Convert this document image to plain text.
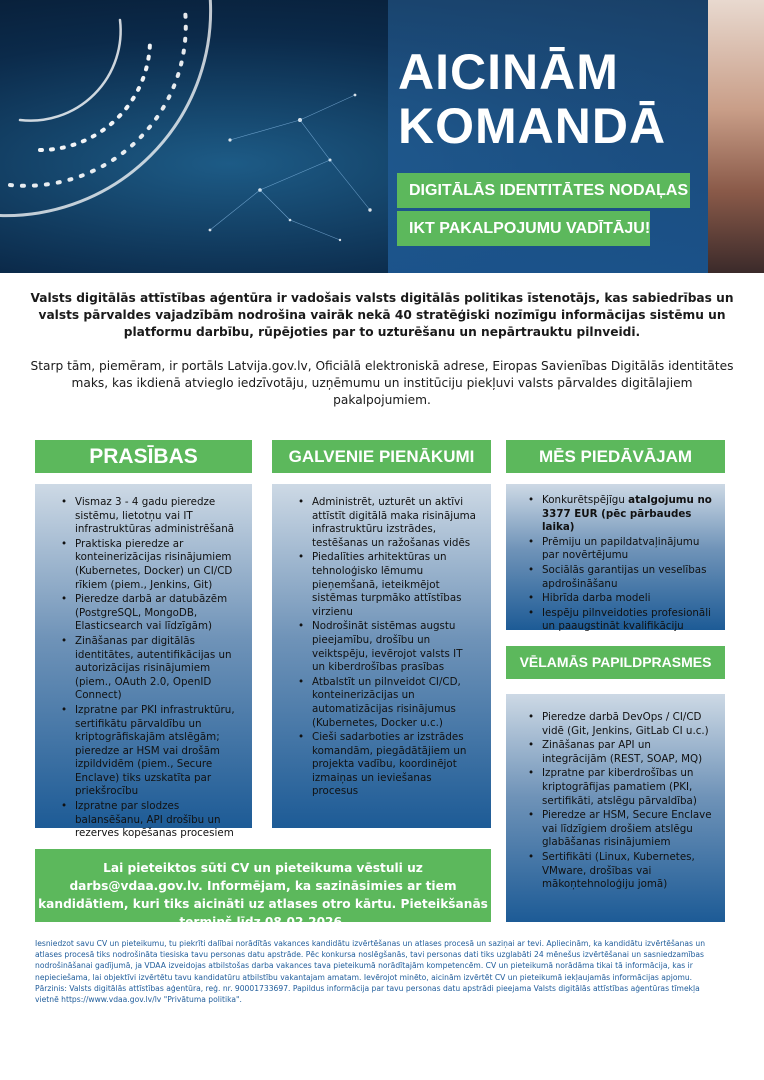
AICINĀM
KOMANDĀ
DIGITĀLĀS IDENTITĀTES NODAĻAS
IKT PAKALPOJUMU VADĪTĀJU!

Valsts digitālās attīstības aģentūra ir vadošais valsts digitālās politikas īstenotājs, kas sabiedrības un valsts pārvaldes vajadzībām nodrošina vairāk nekā 40 stratēģiski nozīmīgu informācijas sistēmu un platformu darbību, rūpējoties par to uzturēšanu un nepārtrauktu pilnveidi.

Starp tām, piemēram, ir portāls Latvija.gov.lv, Oficiālā elektroniskā adrese, Eiropas Savienības Digitālās identitātes maks, kas ikdienā atvieglo iedzīvotāju, uzņēmumu un institūciju piekļuvi valsts pārvaldes digitālajiem pakalpojumiem.

PRASĪBAS
• Vismaz 3 - 4 gadu pieredze sistēmu, lietotņu vai IT infrastruktūras administrēšanā
• Praktiska pieredze ar konteinerizācijas risinājumiem (Kubernetes, Docker) un CI/CD rīkiem (piem., Jenkins, Git)
• Pieredze darbā ar datubāzēm (PostgreSQL, MongoDB, Elasticsearch vai līdzīgām)
• Zināšanas par digitālās identitātes, autentifikācijas un autorizācijas risinājumiem (piem., OAuth 2.0, OpenID Connect)
• Izpratne par PKI infrastruktūru, sertifikātu pārvaldību un kriptogrāfiskajām atslēgām; pieredze ar HSM vai drošām izpildvidēm (piem., Secure Enclave) tiks uzskatīta par priekšrocību
• Izpratne par slodzes balansēšanu, API drošību un rezerves kopēšanas procesiem
GALVENIE PIENĀKUMI
• Administrēt, uzturēt un aktīvi attīstīt digitālā maka risinājuma infrastruktūru izstrādes, testēšanas un ražošanas vidēs
• Piedalīties arhitektūras un tehnoloģisko lēmumu pieņemšanā, ieteikmējot sistēmas turpmāko attīstības virzienu
• Nodrošināt sistēmas augstu pieejamību, drošību un veiktspēju, ievērojot valsts IT un kiberdrošības prasības
• Atbalstīt un pilnveidot CI/CD, konteinerizācijas un automatizācijas risinājumus (Kubernetes, Docker u.c.)
• Cieši sadarboties ar izstrādes komandām, piegādātājiem un projekta vadību, koordinējot izmaiņas un ieviešanas procesus
MĒS PIEDĀVĀJAM
• Konkurētspējīgu atalgojumu no 3377 EUR (pēc pārbaudes laika)
• Prēmiju un papildatvaļinājumu par novērtējumu
• Sociālās garantijas un veselības apdrošināšanu
• Hibrīda darba modeli
• Iespēju pilnveidoties profesionāli un paaugstināt kvalifikāciju
VĒLAMĀS PAPILDPRASMES
• Pieredze darbā DevOps / CI/CD vidē (Git, Jenkins, GitLab CI u.c.)
• Zināšanas par API un integrācijām (REST, SOAP, MQ)
• Izpratne par kiberdrošības un kriptogrāfijas pamatiem (PKI, sertifikāti, atslēgu pārvaldība)
• Pieredze ar HSM, Secure Enclave vai līdzīgiem drošiem atslēgu glabāšanas risinājumiem
• Sertifikāti (Linux, Kubernetes, VMware, drošības vai mākoņtehnoloģiju jomā)

Lai pieteiktos sūti CV un pieteikuma vēstuli uz darbs@vdaa.gov.lv. Informējam, ka sazināsimies ar tiem kandidātiem, kuri tiks aicināti uz atlases otro kārtu. Pieteikšanās termiņš līdz 08.02.2026.

Iesniedzot savu CV un pieteikumu, tu piekrīti dalībai norādītās vakances kandidātu izvērtēšanas un atlases procesā un saziņai ar tevi. Apliecinām, ka kandidātu izvērtēšanas un atlases procesā tiks nodrošināta tiesiska tavu personas datu apstrāde. Pēc konkursa noslēgšanās, tavi personas dati tiks uzglabāti 24 mēnešus izvērtēšanai un sasniedzamības nodrošināšanai gadījumā, ja VDAA izveidojas atbilstošas darba vakances tava pieteikumā norādītajām kompetencēm. CV un pieteikumā norādāma tikai tā informācija, kas ir nepieciešama, lai objektīvi izvērtētu tavu kandidatūru atbilstību vakantajam amatam. Ievērojot minēto, aicinām izvērtēt CV un pieteikumā iekļaujamās informācijas apjomu. Pārzinis: Valsts digitālās attīstības aģentūra, reģ. nr. 90001733697. Papildus informācija par tavu personas datu apstrādi pieejama Valsts digitālās attīstības aģentūras tīmekļa vietnē https://www.vdaa.gov.lv/lv "Privātuma politika".
